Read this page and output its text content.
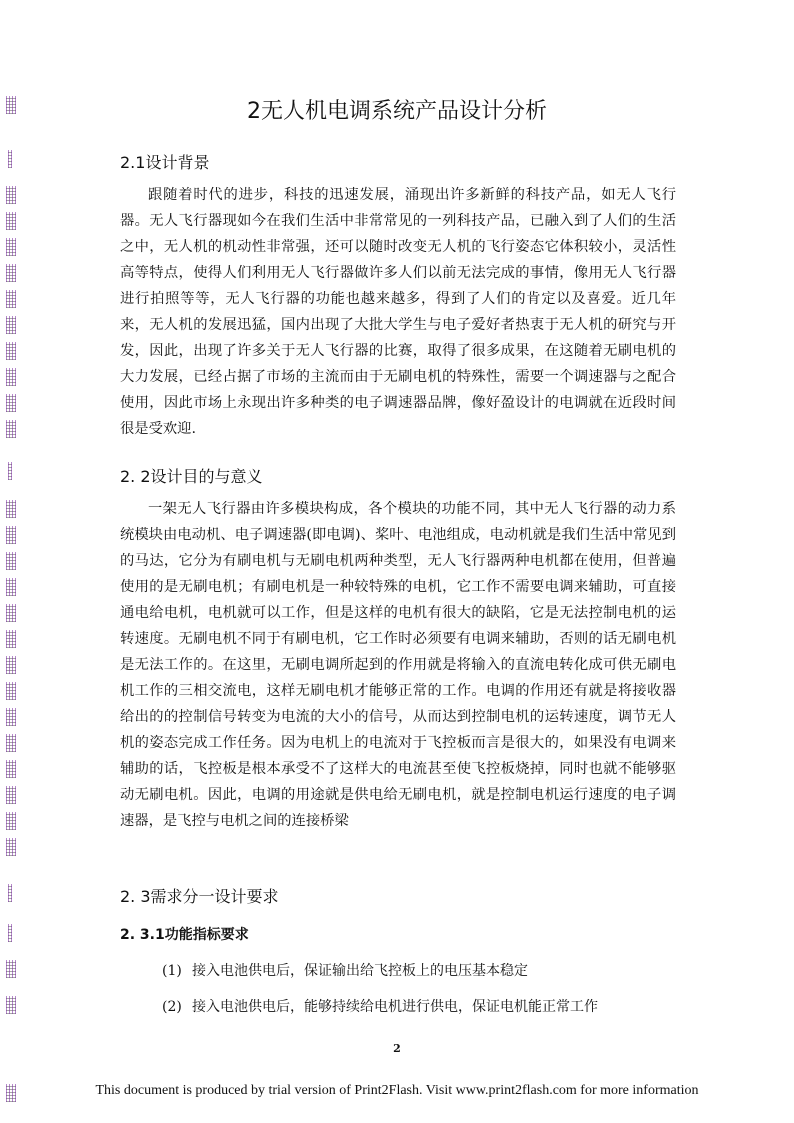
2无人机电调系统产品设计分析
2.1设计背景

跟随着时代的进步，科技的迅速发展，涌现出许多新鲜的科技产品，如无人飞行器。无人飞行器现如今在我们生活中非常常见的一列科技产品，已融入到了人们的生活之中，无人机的机动性非常强，还可以随时改变无人机的飞行姿态它体积较小，灵活性高等特点，使得人们利用无人飞行器做许多人们以前无法完成的事情，像用无人飞行器进行拍照等等，无人飞行器的功能也越来越多，得到了人们的肯定以及喜爱。近几年来，无人机的发展迅猛，国内出现了大批大学生与电子爱好者热衷于无人机的研究与开发，因此，出现了许多关于无人飞行器的比赛，取得了很多成果，在这随着无刷电机的大力发展，已经占据了市场的主流而由于无刷电机的特殊性，需要一个调速器与之配合使用，因此市场上永现出许多种类的电子调速器品牌，像好盈设计的电调就在近段时间很是受欢迎.

2. 2设计目的与意义

一架无人飞行器由许多模块构成，各个模块的功能不同，其中无人飞行器的动力系统模块由电动机、电子调速器(即电调)、桨叶、电池组成，电动机就是我们生活中常见到的马达，它分为有刷电机与无刷电机两种类型，无人飞行器两种电机都在使用，但普遍使用的是无刷电机；有刷电机是一种较特殊的电机，它工作不需要电调来辅助，可直接通电给电机，电机就可以工作，但是这样的电机有很大的缺陷，它是无法控制电机的运转速度。无刷电机不同于有刷电机，它工作时必须要有电调来辅助，否则的话无刷电机是无法工作的。在这里，无刷电调所起到的作用就是将输入的直流电转化成可供无刷电机工作的三相交流电，这样无刷电机才能够正常的工作。电调的作用还有就是将接收器给出的的控制信号转变为电流的大小的信号，从而达到控制电机的运转速度，调节无人机的姿态完成工作任务。因为电机上的电流对于飞控板而言是很大的，如果没有电调来辅助的话，飞控板是根本承受不了这样大的电流甚至使飞控板烧掉，同时也就不能够驱动无刷电机。因此，电调的用途就是供电给无刷电机，就是控制电机运行速度的电子调速器，是飞控与电机之间的连接桥梁

2. 3需求分一设计要求
2. 3.1功能指标要求
(1) 接入电池供电后，保证输出给飞控板上的电压基本稳定
(2) 接入电池供电后，能够持续给电机进行供电，保证电机能正常工作
2
This document is produced by trial version of Print2Flash. Visit www.print2flash.com for more information
